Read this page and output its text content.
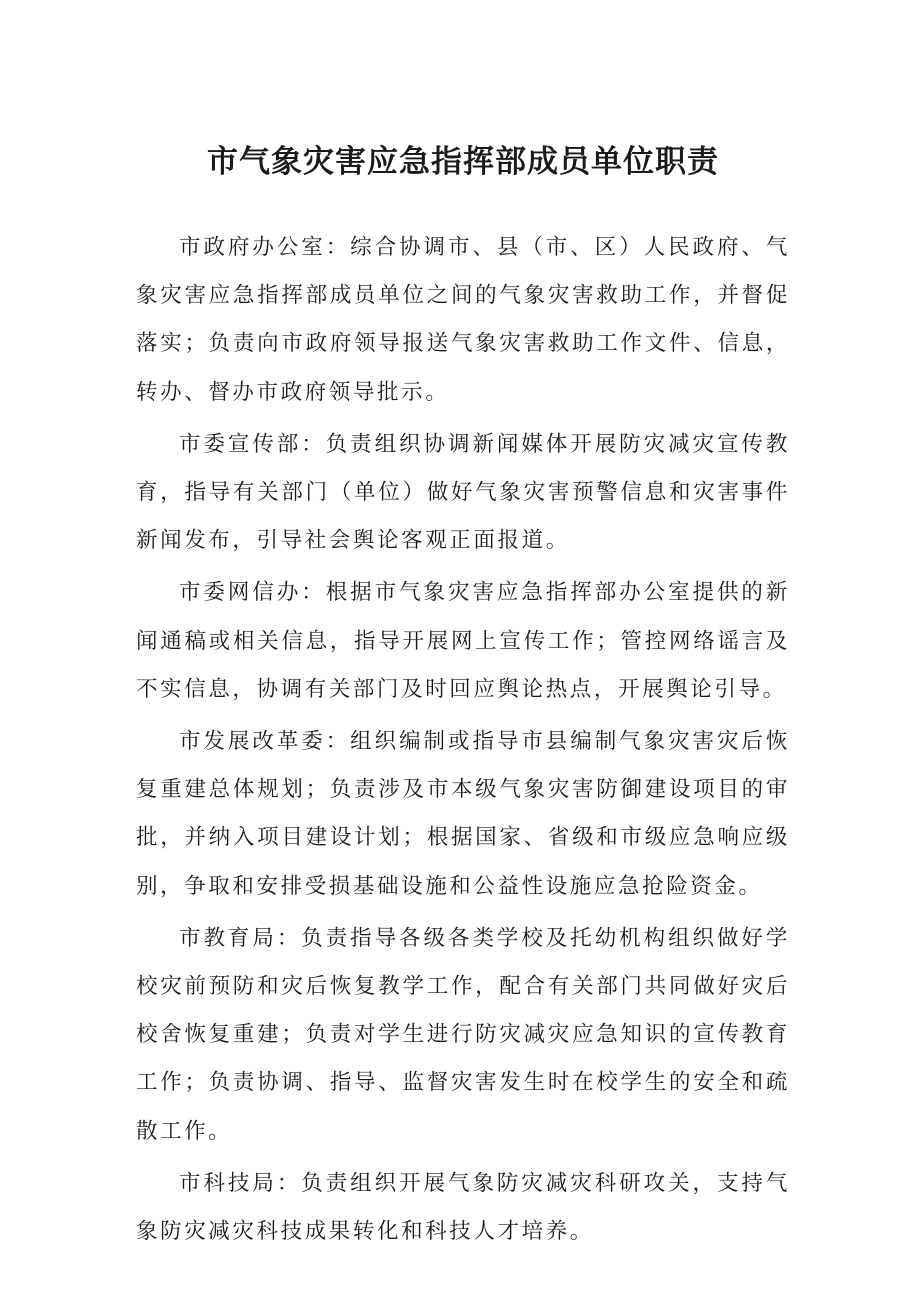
市气象灾害应急指挥部成员单位职责

市政府办公室：综合协调市、县（市、区）人民政府、气象灾害应急指挥部成员单位之间的气象灾害救助工作，并督促落实；负责向市政府领导报送气象灾害救助工作文件、信息，转办、督办市政府领导批示。

市委宣传部：负责组织协调新闻媒体开展防灾减灾宣传教育，指导有关部门（单位）做好气象灾害预警信息和灾害事件新闻发布，引导社会舆论客观正面报道。

市委网信办：根据市气象灾害应急指挥部办公室提供的新闻通稿或相关信息，指导开展网上宣传工作；管控网络谣言及不实信息，协调有关部门及时回应舆论热点，开展舆论引导。

市发展改革委：组织编制或指导市县编制气象灾害灾后恢复重建总体规划；负责涉及市本级气象灾害防御建设项目的审批，并纳入项目建设计划；根据国家、省级和市级应急响应级别，争取和安排受损基础设施和公益性设施应急抢险资金。

市教育局：负责指导各级各类学校及托幼机构组织做好学校灾前预防和灾后恢复教学工作，配合有关部门共同做好灾后校舍恢复重建；负责对学生进行防灾减灾应急知识的宣传教育工作；负责协调、指导、监督灾害发生时在校学生的安全和疏散工作。

市科技局：负责组织开展气象防灾减灾科研攻关，支持气象防灾减灾科技成果转化和科技人才培养。
